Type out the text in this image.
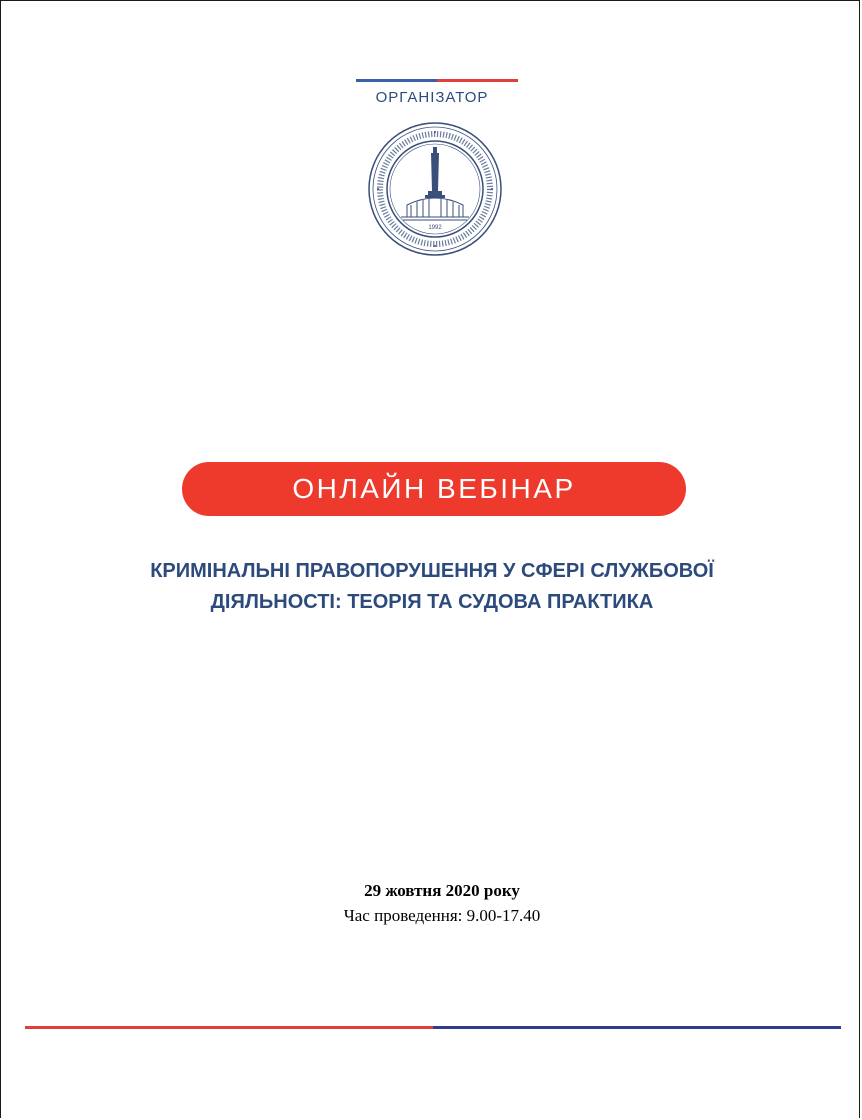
ОРГАНІЗАТОР
1992
ОНЛАЙН ВЕБІНАР
КРИМІНАЛЬНІ ПРАВОПОРУШЕННЯ У СФЕРІ СЛУЖБОВОЇ
ДІЯЛЬНОСТІ: ТЕОРІЯ ТА СУДОВА ПРАКТИКА
29 жовтня 2020 року
Час проведення: 9.00-17.40
